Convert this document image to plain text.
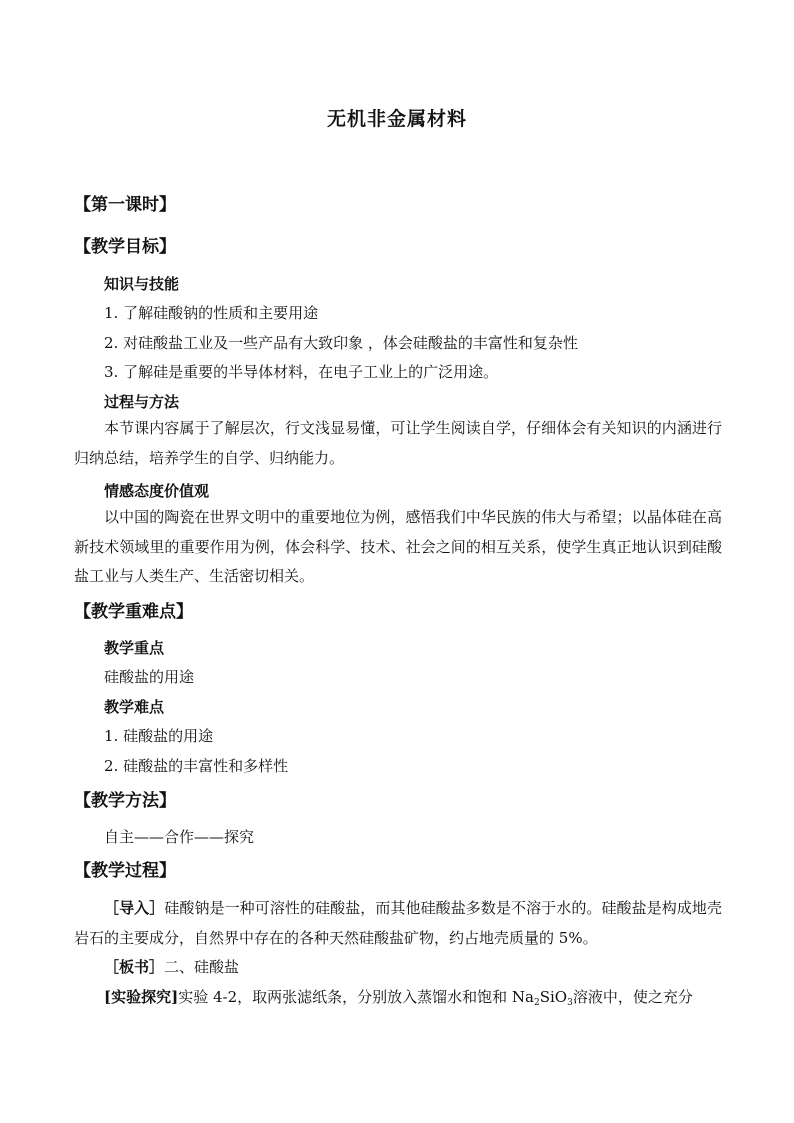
无机非金属材料
【第一课时】
【教学目标】
知识与技能
1. 了解硅酸钠的性质和主要用途
2. 对硅酸盐工业及一些产品有大致印象 ，体会硅酸盐的丰富性和复杂性
3. 了解硅是重要的半导体材料，在电子工业上的广泛用途。
过程与方法
本节课内容属于了解层次，行文浅显易懂，可让学生阅读自学，仔细体会有关知识的内涵进行归纳总结，培养学生的自学、归纳能力。
情感态度价值观
以中国的陶瓷在世界文明中的重要地位为例，感悟我们中华民族的伟大与希望；以晶体硅在高新技术领域里的重要作用为例，体会科学、技术、社会之间的相互关系，使学生真正地认识到硅酸盐工业与人类生产、生活密切相关。
【教学重难点】
教学重点
硅酸盐的用途
教学难点
1. 硅酸盐的用途
2. 硅酸盐的丰富性和多样性
【教学方法】
自主——合作——探究
【教学过程】
［导入］硅酸钠是一种可溶性的硅酸盐，而其他硅酸盐多数是不溶于水的。硅酸盐是构成地壳岩石的主要成分，自然界中存在的各种天然硅酸盐矿物，约占地壳质量的 5%。
［板书］二、硅酸盐
[实验探究]实验 4-2，取两张滤纸条，分别放入蒸馏水和饱和 $Na_2SiO_3$溶液中，使之充分
